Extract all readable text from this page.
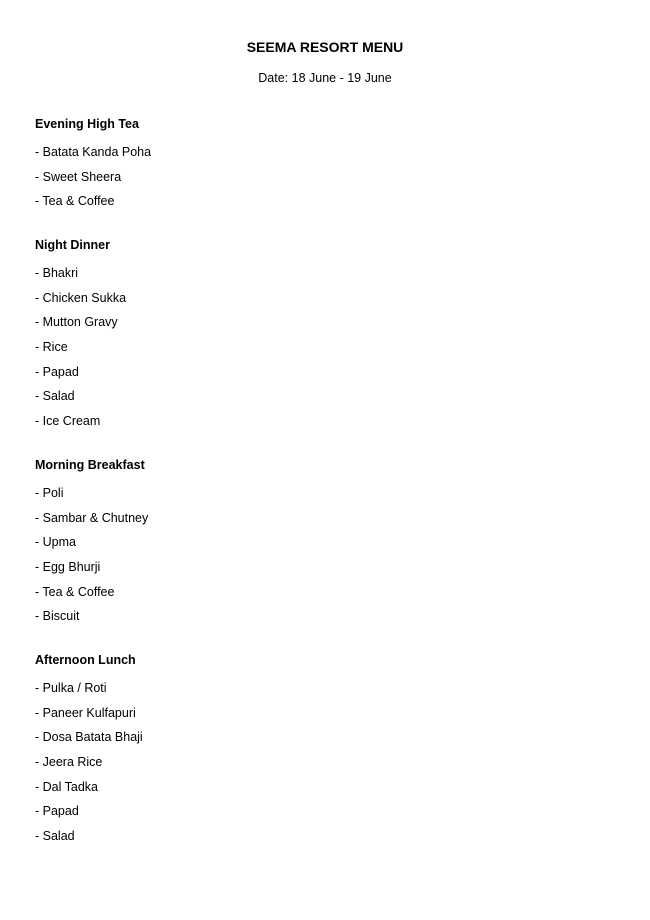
SEEMA RESORT MENU
Date: 18 June - 19 June
Evening High Tea
- Batata Kanda Poha
- Sweet Sheera
- Tea & Coffee
Night Dinner
- Bhakri
- Chicken Sukka
- Mutton Gravy
- Rice
- Papad
- Salad
- Ice Cream
Morning Breakfast
- Poli
- Sambar & Chutney
- Upma
- Egg Bhurji
- Tea & Coffee
- Biscuit
Afternoon Lunch
- Pulka / Roti
- Paneer Kulfapuri
- Dosa Batata Bhaji
- Jeera Rice
- Dal Tadka
- Papad
- Salad
